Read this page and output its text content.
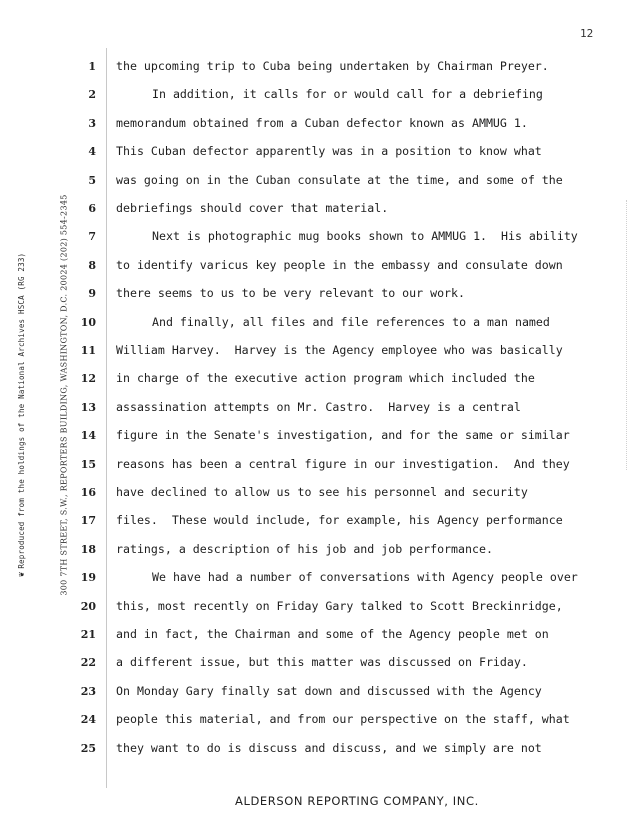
12
❦Reproduced from the holdings of the National Archives HSCA (RG 233)	300 7TH STREET, S.W., REPORTERS BUILDING, WASHINGTON, D.C. 20024 (202) 554-2345
1 the upcoming trip to Cuba being undertaken by Chairman Preyer.
2	In addition, it calls for or would call for a debriefing
3 memorandum obtained from a Cuban defector known as AMMUG 1.
4 This Cuban defector apparently was in a position to know what
5 was going on in the Cuban consulate at the time, and some of the
6 debriefings should cover that material.
7	Next is photographic mug books shown to AMMUG 1.  His ability
8 to identify varicus key people in the embassy and consulate down
9 there seems to us to be very relevant to our work.
10	And finally, all files and file references to a man named
11 William Harvey.  Harvey is the Agency employee who was basically
12 in charge of the executive action program which included the
13 assassination attempts on Mr. Castro.  Harvey is a central
14 figure in the Senate's investigation, and for the same or similar
15 reasons has been a central figure in our investigation.  And they
16 have declined to allow us to see his personnel and security
17 files.  These would include, for example, his Agency performance
18 ratings, a description of his job and job performance.
19	We have had a number of conversations with Agency people over
20 this, most recently on Friday Gary talked to Scott Breckinridge,
21 and in fact, the Chairman and some of the Agency people met on
22 a different issue, but this matter was discussed on Friday.
23 On Monday Gary finally sat down and discussed with the Agency
24 people this material, and from our perspective on the staff, what
25 they want to do is discuss and discuss, and we simply are not
ALDERSON REPORTING COMPANY, INC.
